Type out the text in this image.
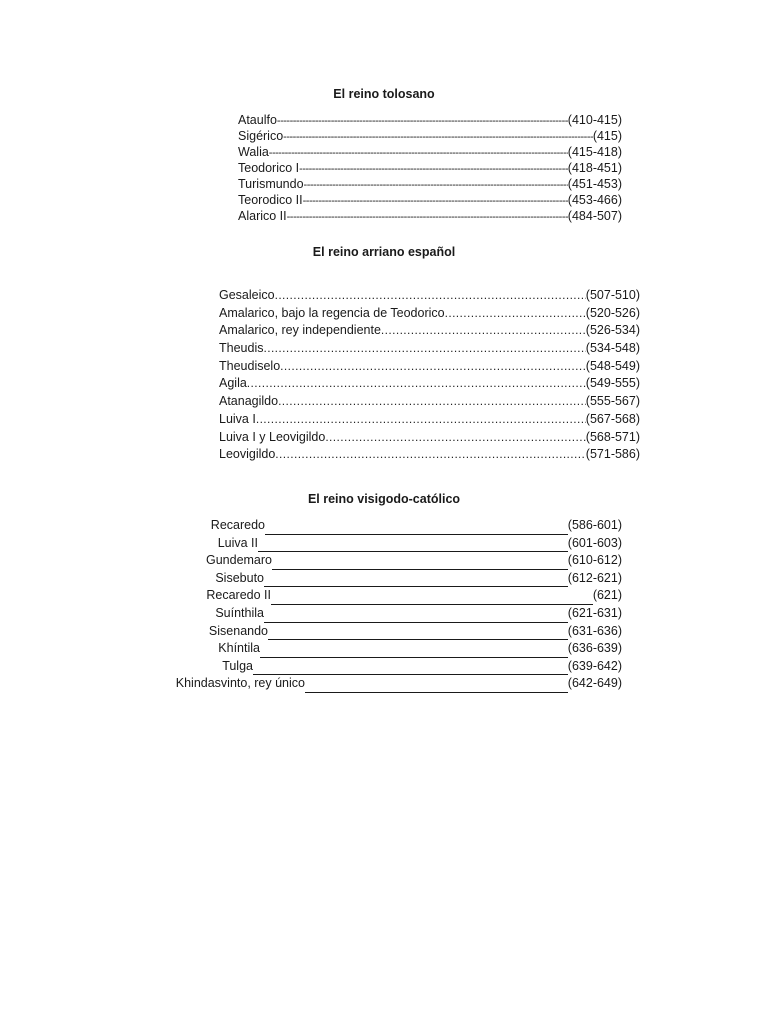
El reino tolosano
Ataulfo -----	(410-415)
Sigérico -----	(415)
Walia -----	(415-418)
Teodorico I -----	(418-451)
Turismundo -----	(451-453)
Teorodico II -----	(453-466)
Alarico II -----	(484-507)
El reino arriano español
Gesaleico .....	(507-510)
Amalarico, bajo la regencia de Teodorico .....	(520-526)
Amalarico, rey independiente .....	(526-534)
Theudis .....	(534-548)
Theudiselo .....	(548-549)
Agila .....	(549-555)
Atanagildo .....	(555-567)
Luiva I .....	(567-568)
Luiva I y Leovigildo .....	(568-571)
Leovigildo .....	(571-586)
El reino visigodo-católico
Recaredo	(586-601)
Luiva II	(601-603)
Gundemaro	(610-612)
Sisebuto	(612-621)
Recaredo II	(621)
Suínthila	(621-631)
Sisenando	(631-636)
Khíntila	(636-639)
Tulga	(639-642)
Khindasvinto, rey único	(642-649)
